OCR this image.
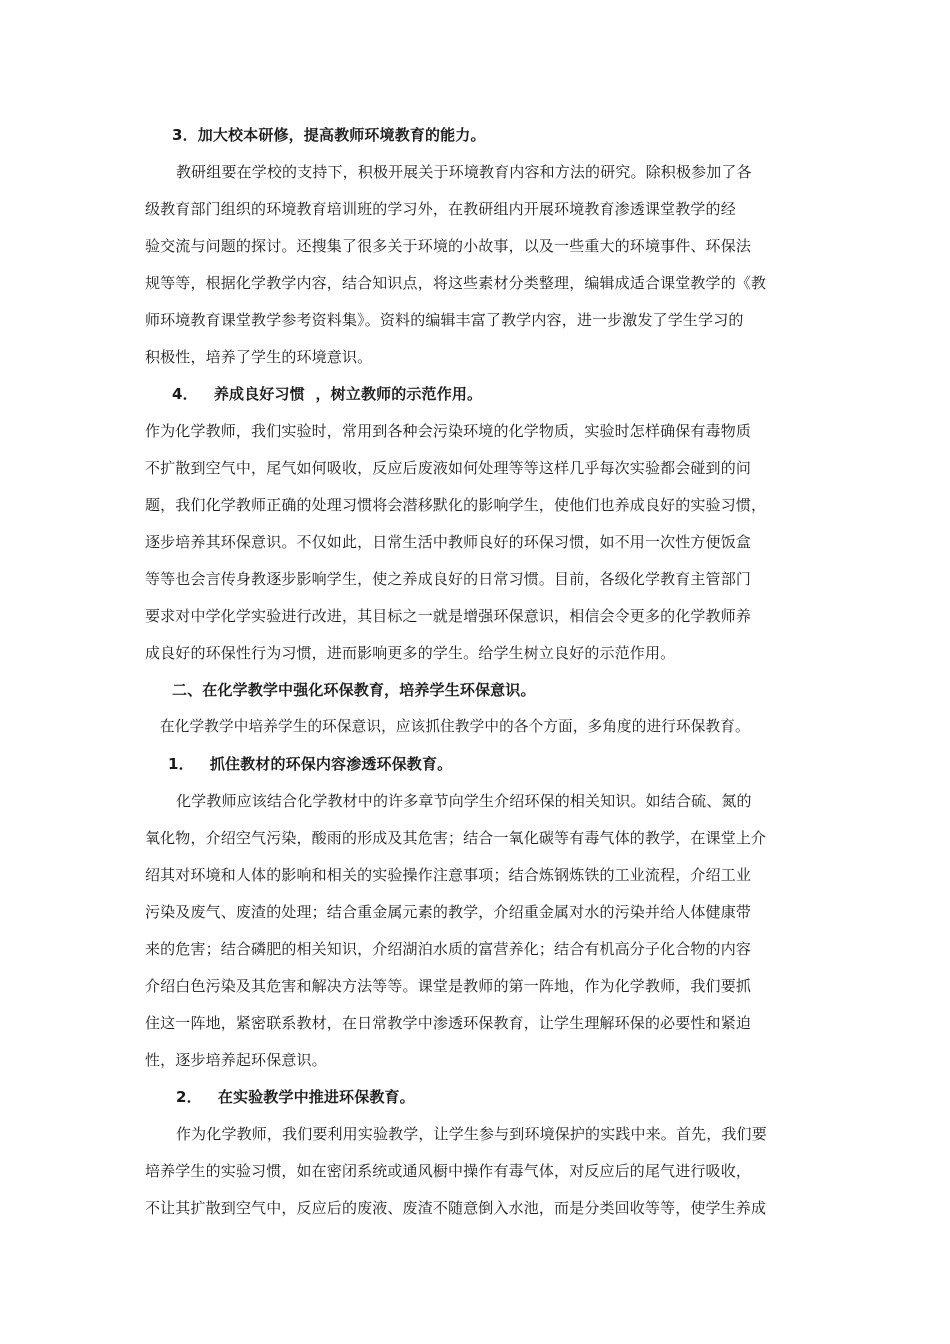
3．加大校本研修，提高教师环境教育的能力。
教研组要在学校的支持下，积极开展关于环境教育内容和方法的研究。除积极参加了各
级教育部门组织的环境教育培训班的学习外，在教研组内开展环境教育渗透课堂教学的经
验交流与问题的探讨。还搜集了很多关于环境的小故事，以及一些重大的环境事件、环保法
规等等，根据化学教学内容，结合知识点，将这些素材分类整理，编辑成适合课堂教学的《教
师环境教育课堂教学参考资料集》。资料的编辑丰富了教学内容，进一步激发了学生学习的
积极性，培养了学生的环境意识。
4．   养成良好习惯  ，树立教师的示范作用。
作为化学教师，我们实验时，常用到各种会污染环境的化学物质，实验时怎样确保有毒物质
不扩散到空气中，尾气如何吸收，反应后废液如何处理等等这样几乎每次实验都会碰到的问
题，我们化学教师正确的处理习惯将会潜移默化的影响学生，使他们也养成良好的实验习惯，
逐步培养其环保意识。不仅如此，日常生活中教师良好的环保习惯，如不用一次性方便饭盒
等等也会言传身教逐步影响学生，使之养成良好的日常习惯。目前，各级化学教育主管部门
要求对中学化学实验进行改进，其目标之一就是增强环保意识，相信会令更多的化学教师养
成良好的环保性行为习惯，进而影响更多的学生。给学生树立良好的示范作用。
二、在化学教学中强化环保教育，培养学生环保意识。
在化学教学中培养学生的环保意识，应该抓住教学中的各个方面，多角度的进行环保教育。
1．   抓住教材的环保内容渗透环保教育。
化学教师应该结合化学教材中的许多章节向学生介绍环保的相关知识。如结合硫、氮的
氧化物，介绍空气污染，酸雨的形成及其危害；结合一氧化碳等有毒气体的教学，在课堂上介
绍其对环境和人体的影响和相关的实验操作注意事项；结合炼钢炼铁的工业流程，介绍工业
污染及废气、废渣的处理；结合重金属元素的教学，介绍重金属对水的污染并给人体健康带
来的危害；结合磷肥的相关知识，介绍湖泊水质的富营养化；结合有机高分子化合物的内容
介绍白色污染及其危害和解决方法等等。课堂是教师的第一阵地，作为化学教师，我们要抓
住这一阵地，紧密联系教材，在日常教学中渗透环保教育，让学生理解环保的必要性和紧迫
性，逐步培养起环保意识。
2．   在实验教学中推进环保教育。
作为化学教师，我们要利用实验教学，让学生参与到环境保护的实践中来。首先，我们要
培养学生的实验习惯，如在密闭系统或通风橱中操作有毒气体，对反应后的尾气进行吸收，
不让其扩散到空气中，反应后的废液、废渣不随意倒入水池，而是分类回收等等，使学生养成
